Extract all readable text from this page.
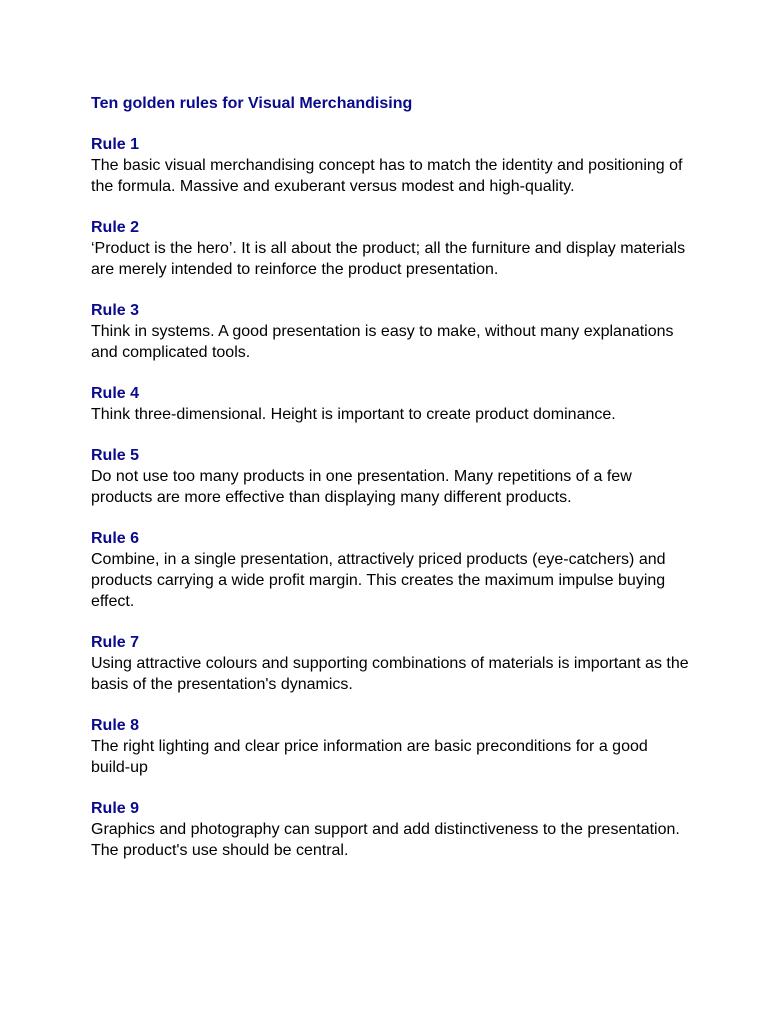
Ten golden rules for Visual Merchandising
Rule 1
The basic visual merchandising concept has to match the identity and positioning of the formula. Massive and exuberant versus modest and high-quality.
Rule 2
‘Product is the hero’. It is all about the product; all the furniture and display materials are merely intended to reinforce the product presentation.
Rule 3
Think in systems. A good presentation is easy to make, without many explanations and complicated tools.
Rule 4
Think three-dimensional. Height is important to create product dominance.
Rule 5
Do not use too many products in one presentation. Many repetitions of a few products are more effective than displaying many different products.
Rule 6
Combine, in a single presentation, attractively priced products (eye-catchers) and products carrying a wide profit margin. This creates the maximum impulse buying effect.
Rule 7
Using attractive colours and supporting combinations of materials is important as the basis of the presentation's dynamics.
Rule 8
The right lighting and clear price information are basic preconditions for a good build-up
Rule 9
Graphics and photography can support and add distinctiveness to the presentation. The product's use should be central.
